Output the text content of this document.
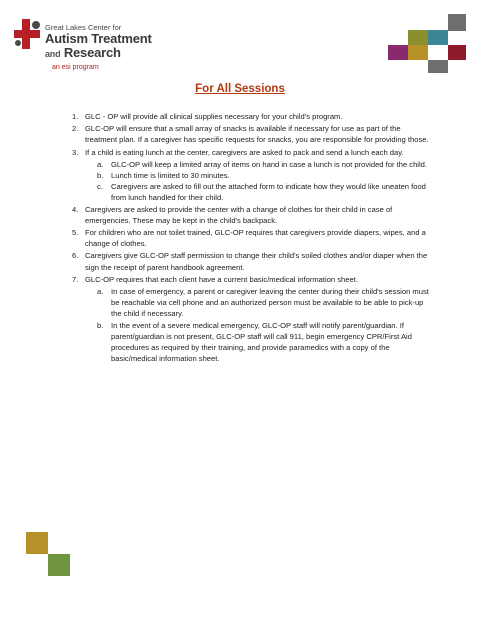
Great Lakes Center for
Autism Treatment
and Research
an esi program
For All Sessions
1. GLC - OP will provide all clinical supplies necessary for your child's program.
2. GLC-OP will ensure that a small array of snacks is available if necessary for use as part of the treatment plan. If a caregiver has specific requests for snacks, you are responsible for providing those.
3. If a child is eating lunch at the center, caregivers are asked to pack and send a lunch each day.
a. GLC-OP will keep a limited array of items on hand in case a lunch is not provided for the child.
b. Lunch time is limited to 30 minutes.
c. Caregivers are asked to fill out the attached form to indicate how they would like uneaten food from lunch handled for their child.
4. Caregivers are asked to provide the center with a change of clothes for their child in case of emergencies. These may be kept in the child's backpack.
5. For children who are not toilet trained, GLC-OP requires that caregivers provide diapers, wipes, and a change of clothes.
6. Caregivers give GLC-OP staff permission to change their child's soiled clothes and/or diaper when the sign the receipt of parent handbook agreement.
7. GLC-OP requires that each client have a current basic/medical information sheet.
a. In case of emergency, a parent or caregiver leaving the center during their child's session must be reachable via cell phone and an authorized person must be available to be able to pick-up the child if necessary.
b. In the event of a severe medical emergency, GLC-OP staff will notify parent/guardian. If parent/guardian is not present, GLC-OP staff will call 911, begin emergency CPR/First Aid procedures as required by their training, and provide paramedics with a copy of the basic/medical information sheet.
